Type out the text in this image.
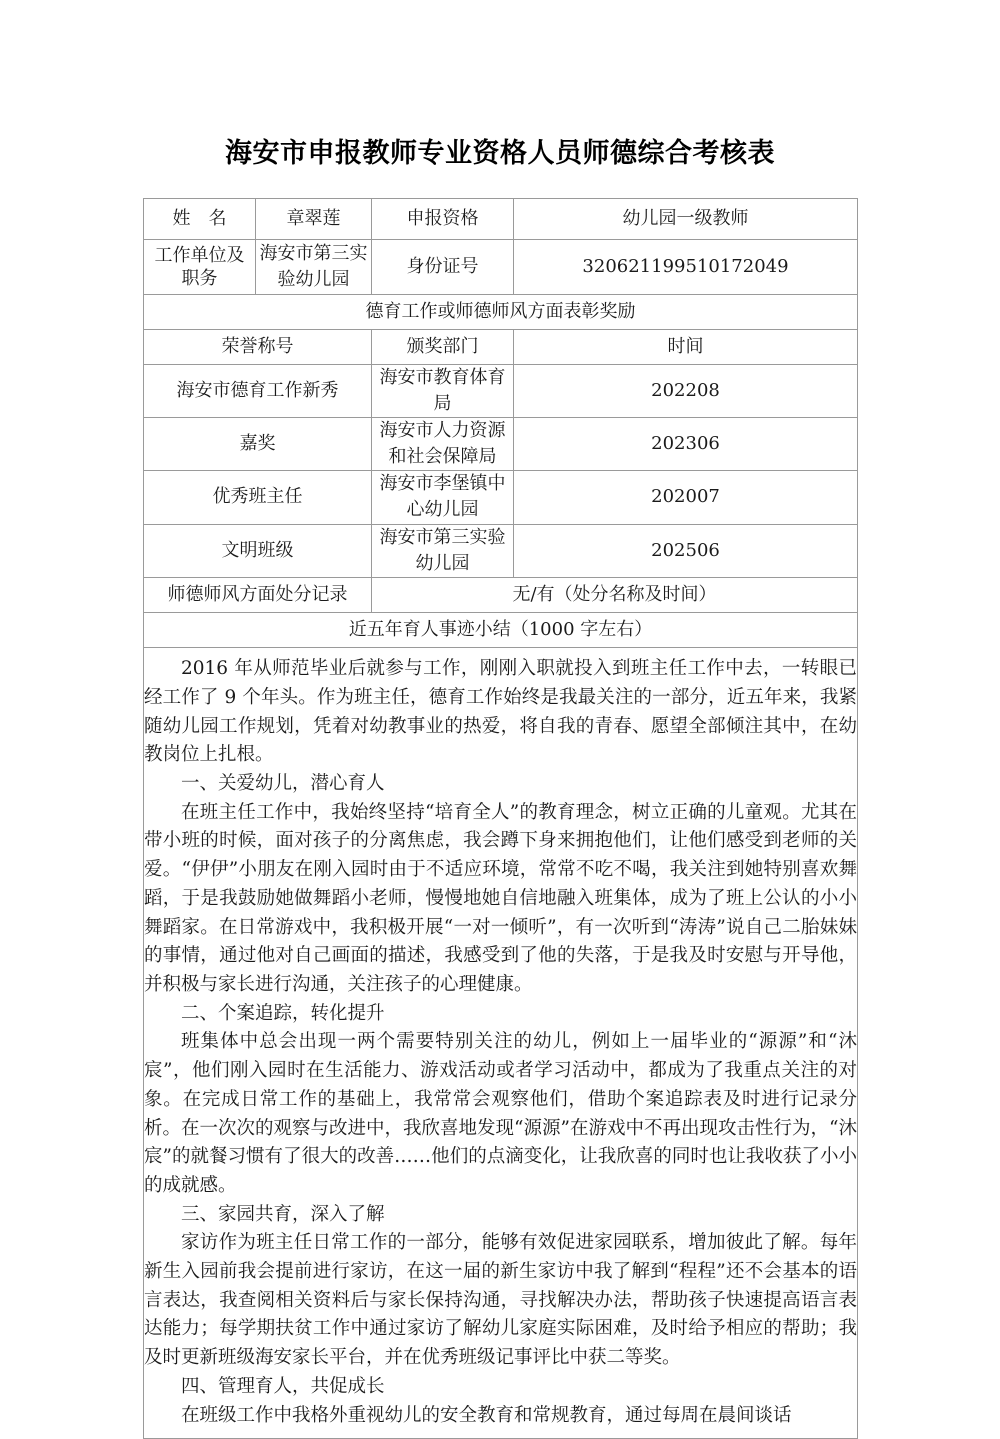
海安市申报教师专业资格人员师德综合考核表
姓　名	章翠莲	申报资格	幼儿园一级教师

工作单位及
职务	海安市第三实验幼儿园	身份证号	320621199510172049
德育工作或师德师风方面表彰奖励			
荣誉称号		颁奖部门	时间
海安市德育工作新秀		海安市教育体育局	202208
嘉奖		海安市人力资源和社会保障局	202306
优秀班主任		海安市李堡镇中心幼儿园	202007
文明班级		海安市第三实验幼儿园	202506
师德师风方面处分记录		无/有（处分名称及时间）	
近五年育人事迹小结（1000 字左右）			

2016 年从师范毕业后就参与工作，刚刚入职就投入到班主任工作中去，一转眼已经工作了 9 个年头。作为班主任，德育工作始终是我最关注的一部分，近五年来，我紧随幼儿园工作规划，凭着对幼教事业的热爱，将自我的青春、愿望全部倾注其中，在幼教岗位上扎根。

一、关爱幼儿，潜心育人

在班主任工作中，我始终坚持“培育全人”的教育理念，树立正确的儿童观。尤其在带小班的时候，面对孩子的分离焦虑，我会蹲下身来拥抱他们，让他们感受到老师的关爱。“伊伊”小朋友在刚入园时由于不适应环境，常常不吃不喝，我关注到她特别喜欢舞蹈，于是我鼓励她做舞蹈小老师，慢慢地她自信地融入班集体，成为了班上公认的小小舞蹈家。在日常游戏中，我积极开展“一对一倾听”，有一次听到“涛涛”说自己二胎妹妹的事情，通过他对自己画面的描述，我感受到了他的失落，于是我及时安慰与开导他，并积极与家长进行沟通，关注孩子的心理健康。

二、个案追踪，转化提升

班集体中总会出现一两个需要特别关注的幼儿，例如上一届毕业的“源源”和“沐宸”，他们刚入园时在生活能力、游戏活动或者学习活动中，都成为了我重点关注的对象。在完成日常工作的基础上，我常常会观察他们，借助个案追踪表及时进行记录分析。在一次次的观察与改进中，我欣喜地发现“源源”在游戏中不再出现攻击性行为，“沐宸”的就餐习惯有了很大的改善……他们的点滴变化，让我欣喜的同时也让我收获了小小的成就感。

三、家园共育，深入了解

家访作为班主任日常工作的一部分，能够有效促进家园联系，增加彼此了解。每年新生入园前我会提前进行家访，在这一届的新生家访中我了解到“程程”还不会基本的语言表达，我查阅相关资料后与家长保持沟通，寻找解决办法，帮助孩子快速提高语言表达能力；每学期扶贫工作中通过家访了解幼儿家庭实际困难，及时给予相应的帮助；我及时更新班级海安家长平台，并在优秀班级记事评比中获二等奖。

四、管理育人，共促成长

在班级工作中我格外重视幼儿的安全教育和常规教育，通过每周在晨间谈话
